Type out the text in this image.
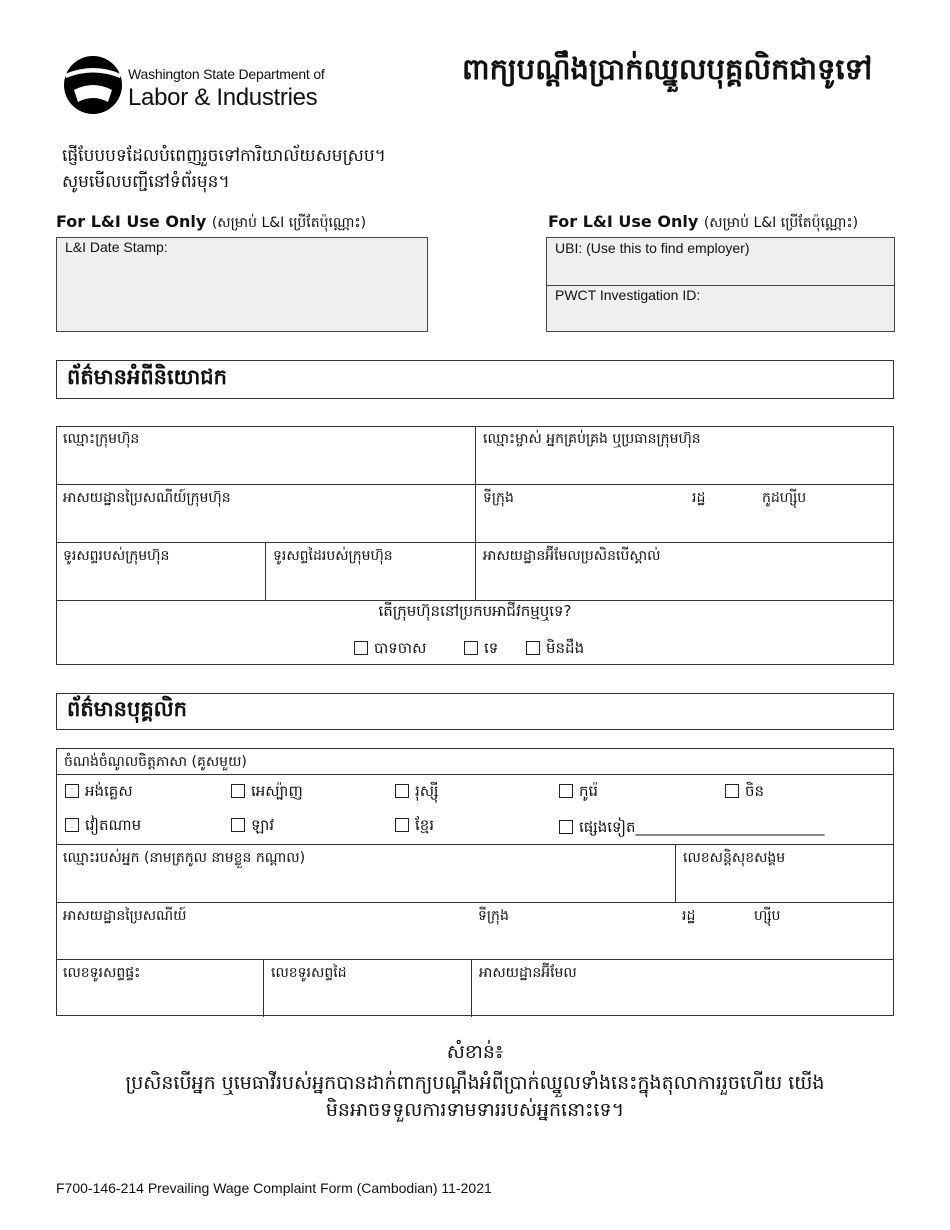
Washington State Department of
Labor & Industries
ពាក្យបណ្តឹងប្រាក់ឈ្នួលបុគ្គលិកជាទូទៅ
ផ្ញើបែបបទដែលបំពេញរួចទៅការិយាល័យសមស្រប។
សូមមើលបញ្ជីនៅទំព័រមុន។
For L&I Use Only (សម្រាប់ L&I ប្រើតែប៉ុណ្ណោះ)
L&I Date Stamp:
For L&I Use Only (សម្រាប់ L&I ប្រើតែប៉ុណ្ណោះ)
UBI: (Use this to find employer)
PWCT Investigation ID:
ព័ត៌មានអំពីនិយោជក
ឈ្មោះក្រុមហ៊ុន	ឈ្មោះម្ចាស់ អ្នកគ្រប់គ្រង ឬប្រធានក្រុមហ៊ុន
អាសយដ្ឋានប្រៃសណីយ៍ក្រុមហ៊ុន	ទីក្រុង	រដ្ឋ	កូដហ្ស៊ីប
ទូរសព្ទរបស់ក្រុមហ៊ុន	ទូរសព្ទដៃរបស់ក្រុមហ៊ុន	អាសយដ្ឋានអ៊ីមែលប្រសិនបើស្គាល់
តើក្រុមហ៊ុននៅប្រកបអាជីវកម្មឬទេ?
បាទចាស	ទេ	មិនដឹង
ព័ត៌មានបុគ្គលិក
ចំណង់ចំណូលចិត្តភាសា (គូសមួយ)
អង់គ្លេស	អេស្ប៉ាញ	រុស្ស៊ី	កូរ៉េ	ចិន
វៀតណាម	ឡាវ	ខ្មែរ	ផ្សេងទៀត___________________________
ឈ្មោះរបស់អ្នក (នាមត្រកូល នាមខ្លួន កណ្តាល)	លេខសន្តិសុខសង្គម
អាសយដ្ឋានប្រៃសណីយ៍	ទីក្រុង	រដ្ឋ	ហ្ស៊ីប
លេខទូរសព្ទផ្ទះ	លេខទូរសព្ទដៃ	អាសយដ្ឋានអ៊ីមែល
សំខាន់៖
ប្រសិនបើអ្នក ឬមេធាវីរបស់អ្នកបានដាក់ពាក្យបណ្តឹងអំពីប្រាក់ឈ្នួលទាំងនេះក្នុងតុលាការរួចហើយ យើង
មិនអាចទទួលការទាមទាររបស់អ្នកនោះទេ។
F700-146-214 Prevailing Wage Complaint Form (Cambodian) 11-2021
